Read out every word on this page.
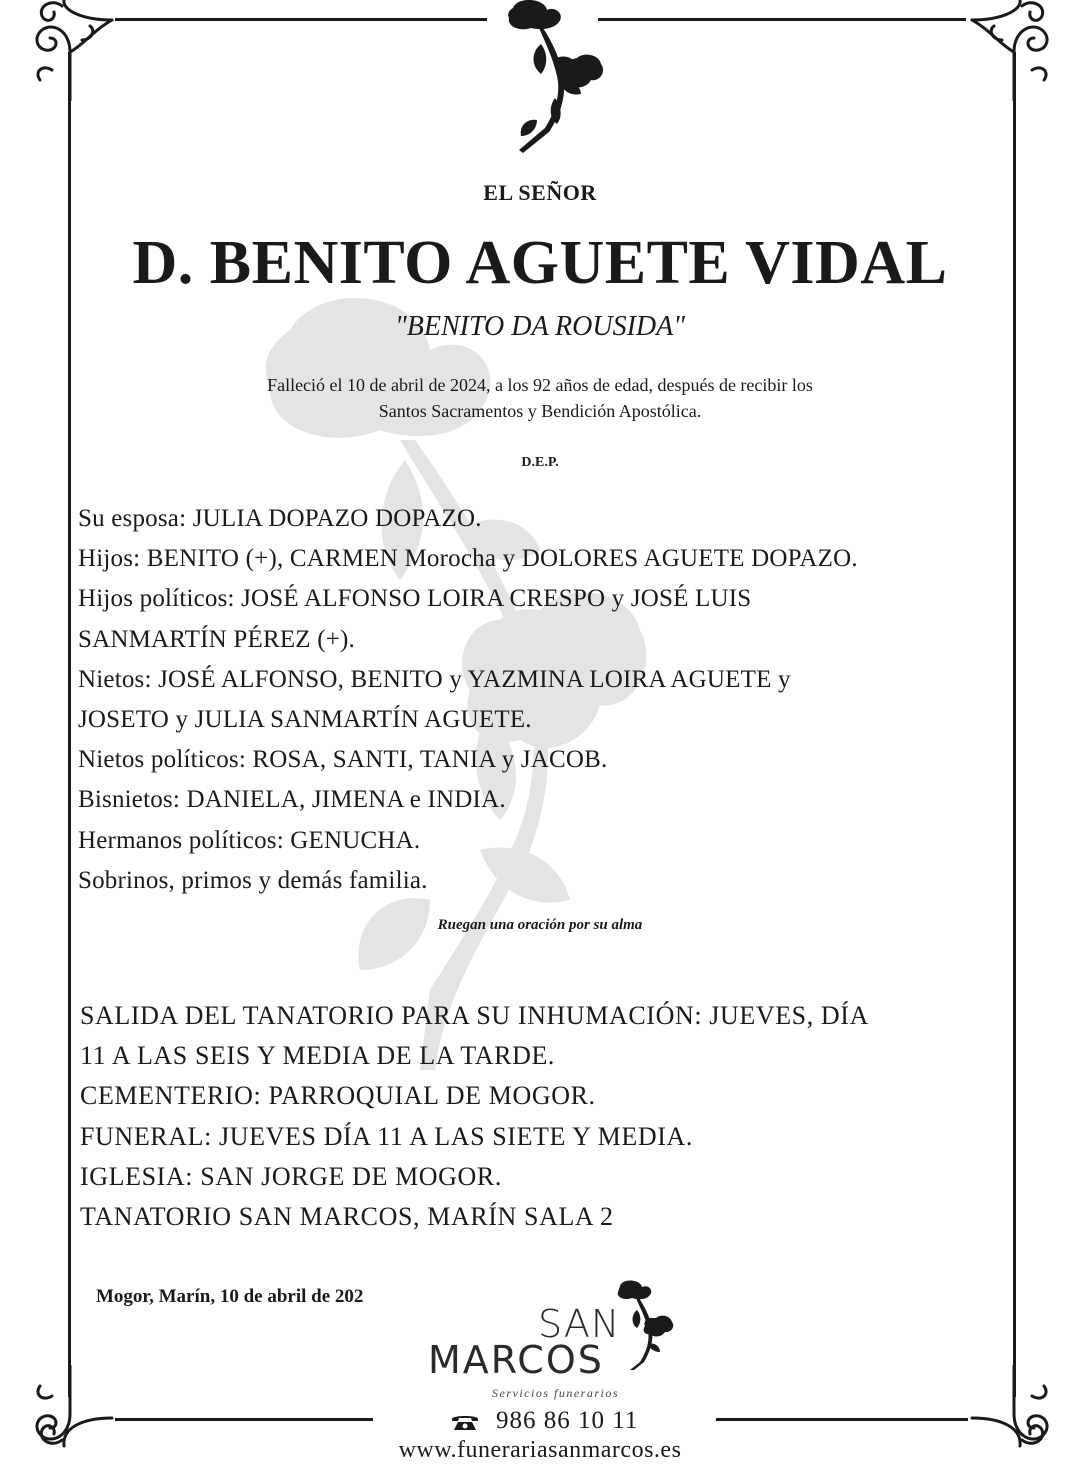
EL SEÑOR
D. BENITO AGUETE VIDAL
"BENITO DA ROUSIDA"
Falleció el 10 de abril de 2024, a los 92 años de edad, después de recibir los
Santos Sacramentos y Bendición Apostólica.
D.E.P.
Su esposa: JULIA DOPAZO DOPAZO.
Hijos: BENITO (+), CARMEN Morocha y DOLORES AGUETE DOPAZO.
Hijos políticos: JOSÉ ALFONSO LOIRA CRESPO y JOSÉ LUIS
SANMARTÍN PÉREZ (+).
Nietos: JOSÉ ALFONSO, BENITO y YAZMINA LOIRA AGUETE y
JOSETO y JULIA SANMARTÍN AGUETE.
Nietos políticos: ROSA, SANTI, TANIA y JACOB.
Bisnietos: DANIELA, JIMENA e INDIA.
Hermanos políticos: GENUCHA.
Sobrinos, primos y demás familia.
Ruegan una oración por su alma
SALIDA DEL TANATORIO PARA SU INHUMACIÓN: JUEVES, DÍA
11 A LAS SEIS Y MEDIA DE LA TARDE.
CEMENTERIO: PARROQUIAL DE MOGOR.
FUNERAL: JUEVES DÍA 11 A LAS SIETE Y MEDIA.
IGLESIA: SAN JORGE DE MOGOR.
TANATORIO SAN MARCOS, MARÍN SALA 2
Mogor, Marín, 10 de abril de 202
SAN
MARCOS
Servicios funerarios
986 86 10 11
www.funerariasanmarcos.es
